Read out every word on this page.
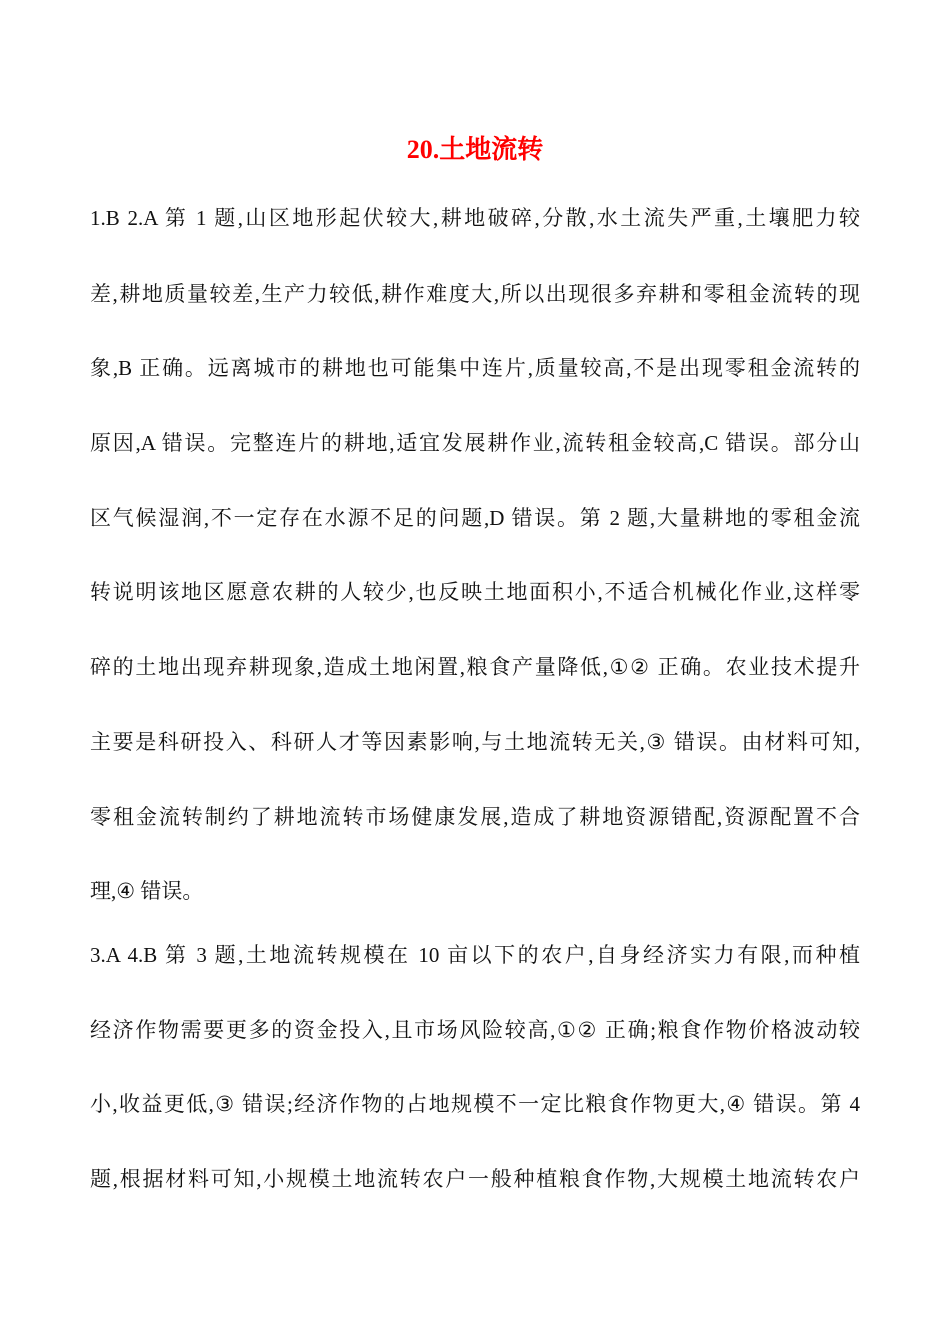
20.土地流转
1.B 2.A 第 1 题,山区地形起伏较大,耕地破碎,分散,水土流失严重,土壤肥力较
差,耕地质量较差,生产力较低,耕作难度大,所以出现很多弃耕和零租金流转的现
象,B 正确。远离城市的耕地也可能集中连片,质量较高,不是出现零租金流转的
原因,A 错误。完整连片的耕地,适宜发展耕作业,流转租金较高,C 错误。部分山
区气候湿润,不一定存在水源不足的问题,D 错误。第 2 题,大量耕地的零租金流
转说明该地区愿意农耕的人较少,也反映土地面积小,不适合机械化作业,这样零
碎的土地出现弃耕现象,造成土地闲置,粮食产量降低,①② 正确。农业技术提升
主要是科研投入、科研人才等因素影响,与土地流转无关,③ 错误。由材料可知,
零租金流转制约了耕地流转市场健康发展,造成了耕地资源错配,资源配置不合
理,④ 错误。
3.A 4.B 第 3 题,土地流转规模在 10 亩以下的农户,自身经济实力有限,而种植
经济作物需要更多的资金投入,且市场风险较高,①② 正确;粮食作物价格波动较
小,收益更低,③ 错误;经济作物的占地规模不一定比粮食作物更大,④ 错误。第 4
题,根据材料可知,小规模土地流转农户一般种植粮食作物,大规模土地流转农户
